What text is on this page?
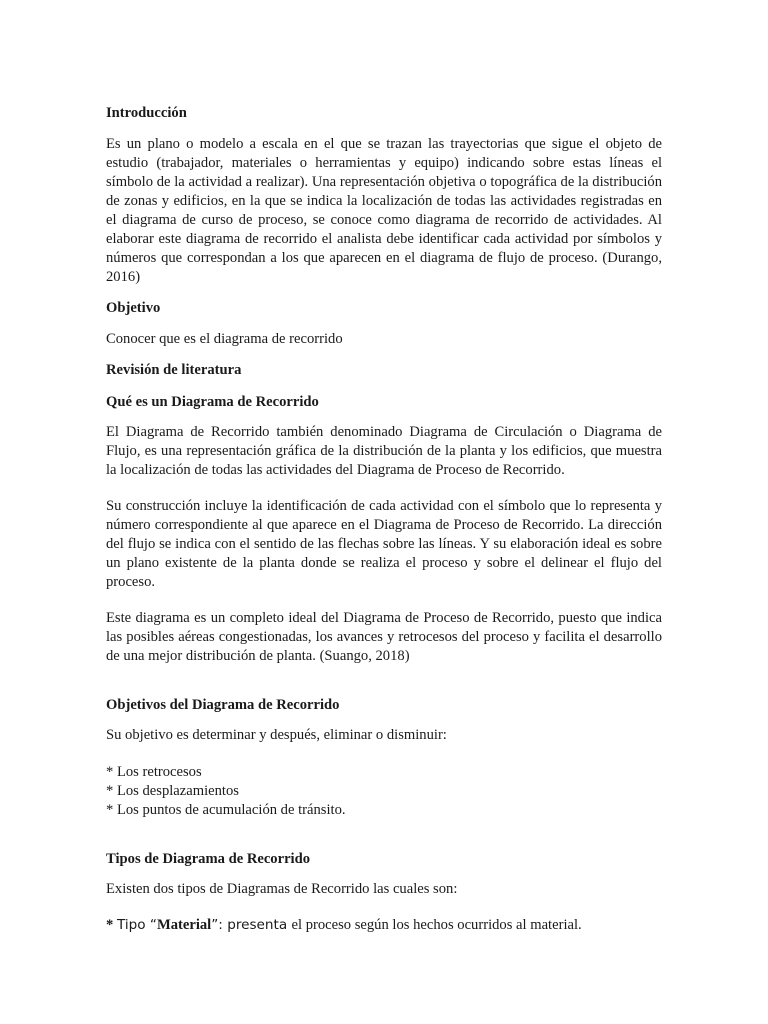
Introducción

Es un plano o modelo a escala en el que se trazan las trayectorias que sigue el objeto de estudio (trabajador, materiales o herramientas y equipo) indicando sobre estas líneas el símbolo de la actividad a realizar). Una representación objetiva o topográfica de la distribución de zonas y edificios, en la que se indica la localización de todas las actividades registradas en el diagrama de curso de proceso, se conoce como diagrama de recorrido de actividades. Al elaborar este diagrama de recorrido el analista debe identificar cada actividad por símbolos y números que correspondan a los que aparecen en el diagrama de flujo de proceso. (Durango, 2016)

Objetivo

Conocer que es el diagrama de recorrido

Revisión de literatura

Qué es un Diagrama de Recorrido

El Diagrama de Recorrido también denominado Diagrama de Circulación o Diagrama de Flujo, es una representación gráfica de la distribución de la planta y los edificios, que muestra la localización de todas las actividades del Diagrama de Proceso de Recorrido.

Su construcción incluye la identificación de cada actividad con el símbolo que lo representa y número correspondiente al que aparece en el Diagrama de Proceso de Recorrido. La dirección del flujo se indica con el sentido de las flechas sobre las líneas. Y su elaboración ideal es sobre un plano existente de la planta donde se realiza el proceso y sobre el delinear el flujo del proceso.

Este diagrama es un completo ideal del Diagrama de Proceso de Recorrido, puesto que indica las posibles aéreas congestionadas, los avances y retrocesos del proceso y facilita el desarrollo de una mejor distribución de planta. (Suango, 2018)

Objetivos del Diagrama de Recorrido

Su objetivo es determinar y después, eliminar o disminuir:

* Los retrocesos

* Los desplazamientos

* Los puntos de acumulación de tránsito.

Tipos de Diagrama de Recorrido

Existen dos tipos de Diagramas de Recorrido las cuales son:

* Tipo “Material”: presenta el proceso según los hechos ocurridos al material.
